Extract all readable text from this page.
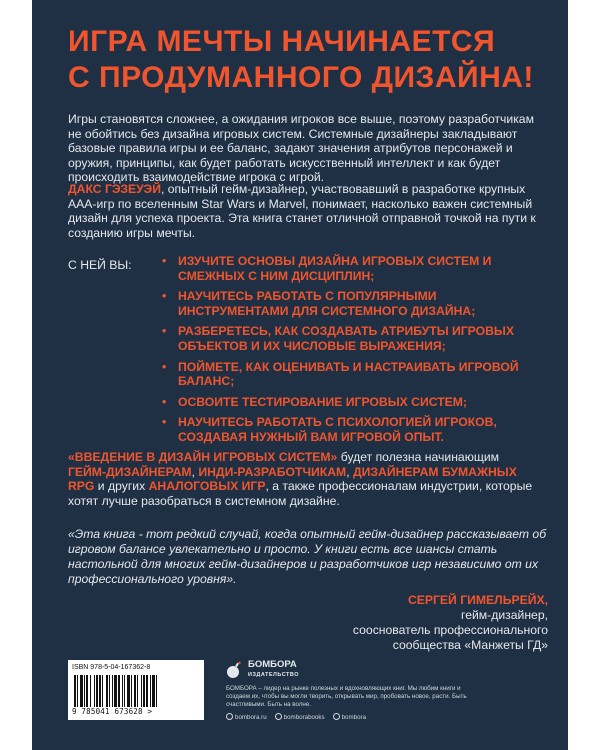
ИГРА МЕЧТЫ НАЧИНАЕТСЯ
С ПРОДУМАННОГО ДИЗАЙНА!

Игры становятся сложнее, а ожидания игроков все выше, поэтому разработчикам не обойтись без дизайна игровых систем. Системные дизайнеры закладывают базовые правила игры и ее баланс, задают значения атрибутов персонажей и оружия, принципы, как будет работать искусственный интеллект и как будет происходить взаимодействие игрока с игрой.

ДАКС ГЭЗЕУЭЙ, опытный гейм-дизайнер, участвовавший в разработке крупных AAA-игр по вселенным Star Wars и Marvel, понимает, насколько важен системный дизайн для успеха проекта. Эта книга станет отличной отправной точкой на пути к созданию игры мечты.

С НЕЙ ВЫ: • ИЗУЧИТЕ ОСНОВЫ ДИЗАЙНА ИГРОВЫХ СИСТЕМ И СМЕЖНЫХ С НИМ ДИСЦИПЛИН;
• НАУЧИТЕСЬ РАБОТАТЬ С ПОПУЛЯРНЫМИ ИНСТРУМЕНТАМИ ДЛЯ СИСТЕМНОГО ДИЗАЙНА;
• РАЗБЕРЕТЕСЬ, КАК СОЗДАВАТЬ АТРИБУТЫ ИГРОВЫХ ОБЪЕКТОВ И ИХ ЧИСЛОВЫЕ ВЫРАЖЕНИЯ;
• ПОЙМЕТЕ, КАК ОЦЕНИВАТЬ И НАСТРАИВАТЬ ИГРОВОЙ БАЛАНС;
• ОСВОИТЕ ТЕСТИРОВАНИЕ ИГРОВЫХ СИСТЕМ;
• НАУЧИТЕСЬ РАБОТАТЬ С ПСИХОЛОГИЕЙ ИГРОКОВ, СОЗДАВАЯ НУЖНЫЙ ВАМ ИГРОВОЙ ОПЫТ.

«ВВЕДЕНИЕ В ДИЗАЙН ИГРОВЫХ СИСТЕМ» будет полезна начинающим ГЕЙМ-ДИЗАЙНЕРАМ, ИНДИ-РАЗРАБОТЧИКАМ, ДИЗАЙНЕРАМ БУМАЖНЫХ RPG и других АНАЛОГОВЫХ ИГР, а также профессионалам индустрии, которые хотят лучше разобраться в системном дизайне.

«Эта книга - тот редкий случай, когда опытный гейм-дизайнер рассказывает об игровом балансе увлекательно и просто. У книги есть все шансы стать настольной для многих гейм-дизайнеров и разработчиков игр независимо от их профессионального уровня».

СЕРГЕЙ ГИМЕЛЬРЕЙХ,
гейм-дизайнер,
сооснователь профессионального
сообщества «Манжеты ГД»
ISBN 978-5-04-167362-8
9 785041 673628 >
БОМБОРА
ИЗДАТЕЛЬСТВО

БОМБОРА – лидер на рынке полезных и вдохновляющих книг. Мы любим книги и создаем их, чтобы вы могли творить, открывать мир, пробовать новое, расти. Быть счастливыми. Быть на волне.

bombora.ru	bomborabooks	bombora
